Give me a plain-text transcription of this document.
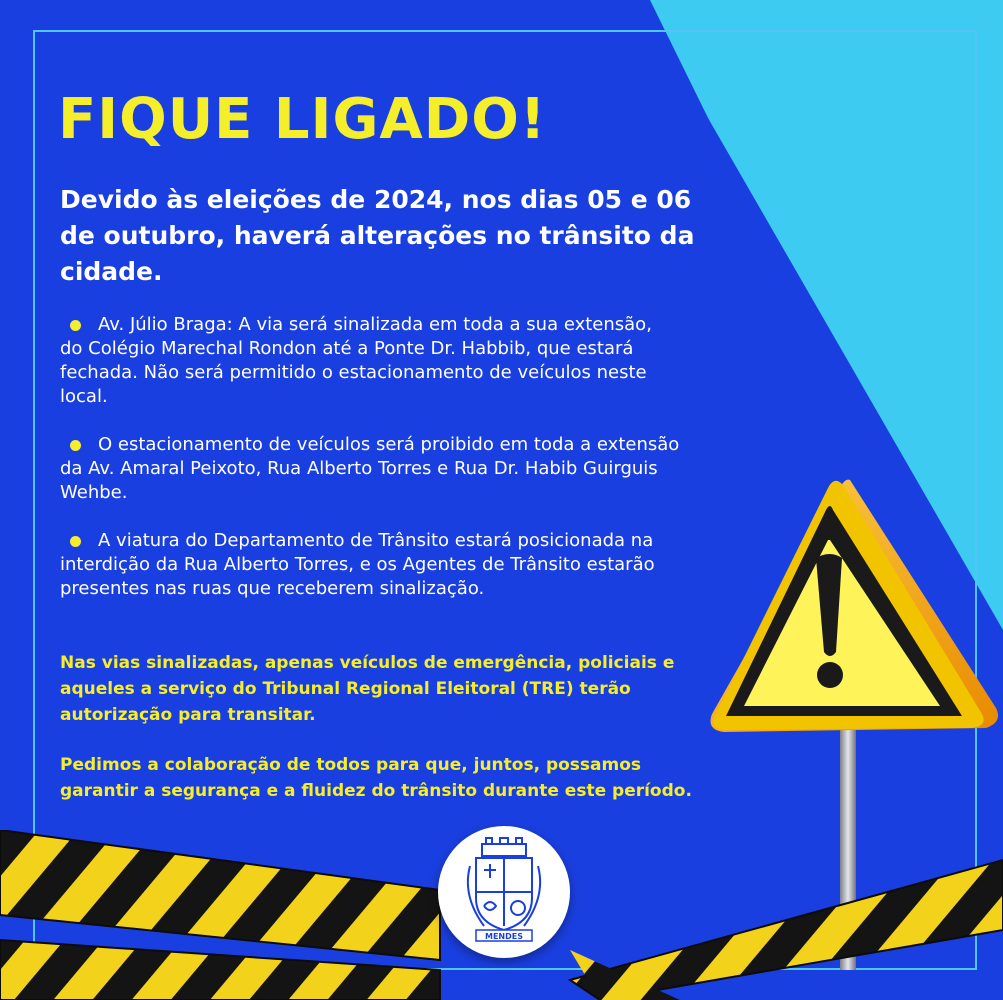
FIQUE LIGADO!

Devido às eleições de 2024, nos dias 05 e 06 de outubro, haverá alterações no trânsito da cidade.

Av. Júlio Braga: A via será sinalizada em toda a sua extensão, do Colégio Marechal Rondon até a Ponte Dr. Habbib, que estará fechada. Não será permitido o estacionamento de veículos neste local.
O estacionamento de veículos será proibido em toda a extensão da Av. Amaral Peixoto, Rua Alberto Torres e Rua Dr. Habib Guirguis Wehbe.
A viatura do Departamento de Trânsito estará posicionada na interdição da Rua Alberto Torres, e os Agentes de Trânsito estarão presentes nas ruas que receberem sinalização.

Nas vias sinalizadas, apenas veículos de emergência, policiais e aqueles a serviço do Tribunal Regional Eleitoral (TRE) terão autorização para transitar.

Pedimos a colaboração de todos para que, juntos, possamos garantir a segurança e a fluidez do trânsito durante este período.

MENDES
